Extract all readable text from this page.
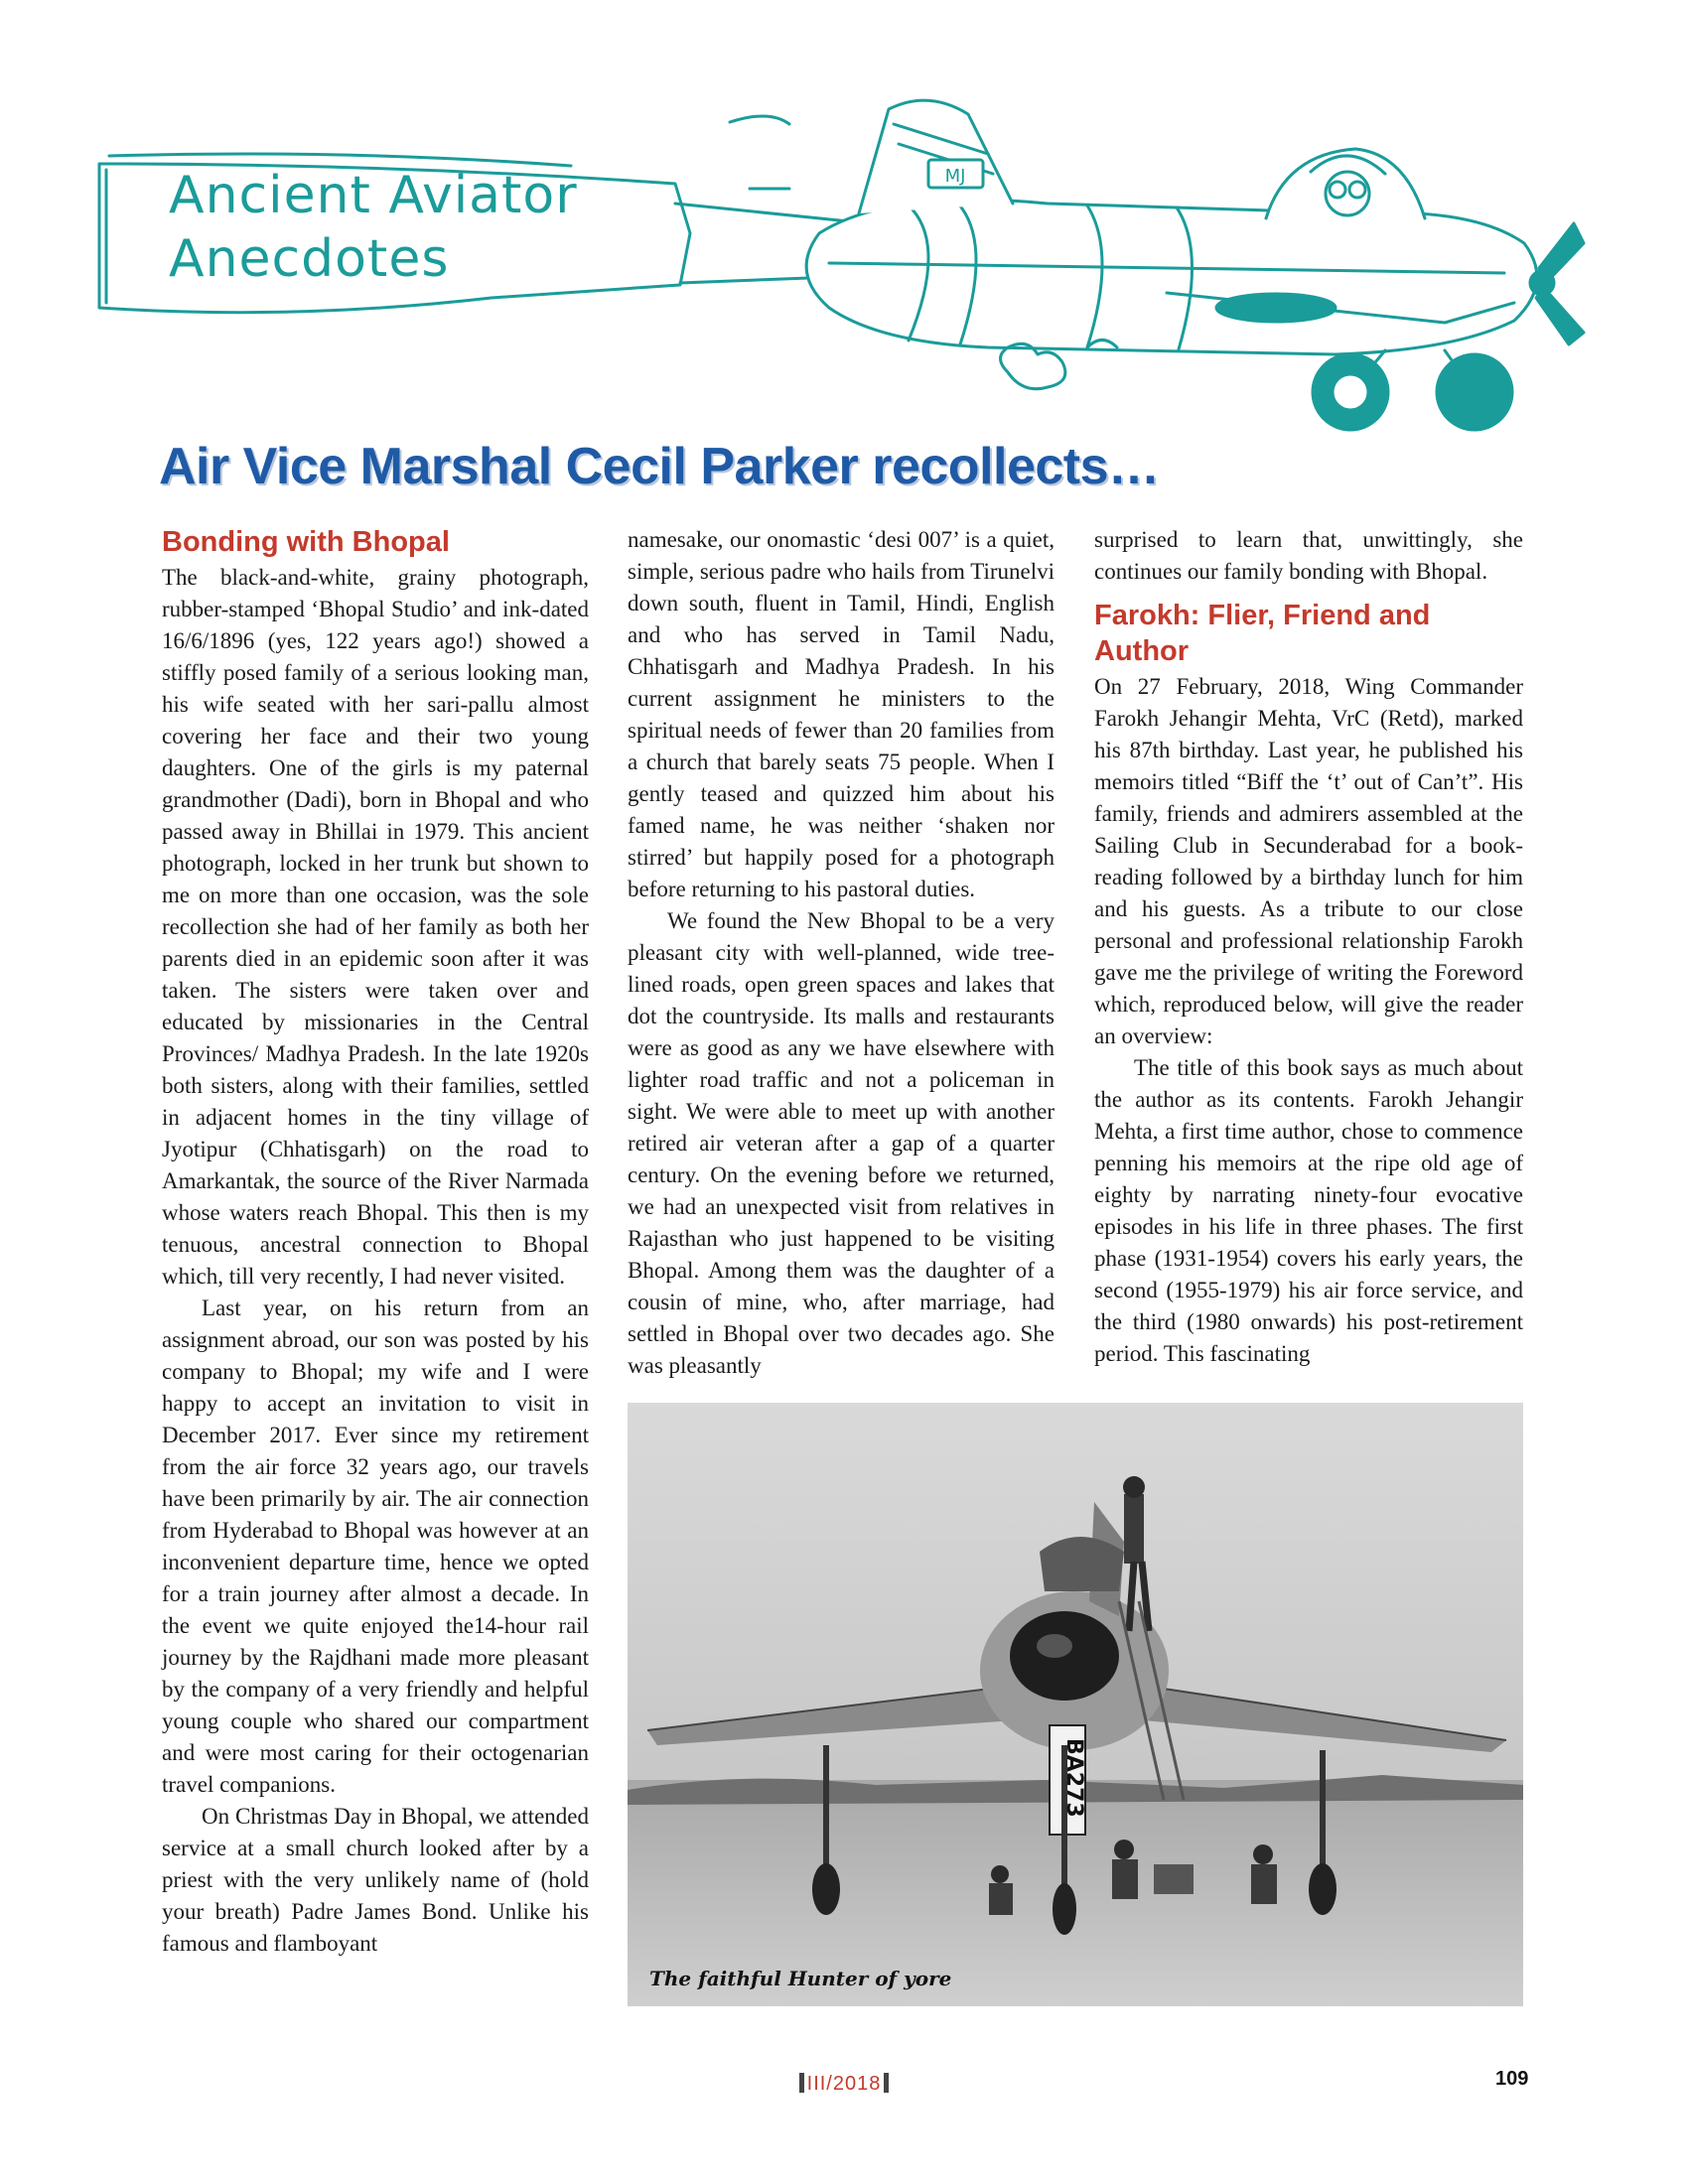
MJ
Ancient Aviator
Anecdotes
Air Vice Marshal Cecil Parker recollects…
Bonding with Bhopal

The black-and-white, grainy photograph, rubber-stamped ‘Bhopal Studio’ and ink-dated 16/6/1896 (yes, 122 years ago!) showed a stiffly posed family of a serious looking man, his wife seated with her sari-pallu almost covering her face and their two young daughters. One of the girls is my paternal grandmother (Dadi), born in Bhopal and who passed away in Bhillai in 1979. This ancient photograph, locked in her trunk but shown to me on more than one occasion, was the sole recollection she had of her family as both her parents died in an epidemic soon after it was taken. The sisters were taken over and educated by missionaries in the Central Provinces/ Madhya Pradesh. In the late 1920s both sisters, along with their families, settled in adjacent homes in the tiny village of Jyotipur (Chhatisgarh) on the road to Amarkantak, the source of the River Narmada whose waters reach Bhopal. This then is my tenuous, ancestral connection to Bhopal which, till very recently, I had never visited.

Last year, on his return from an assignment abroad, our son was posted by his company to Bhopal; my wife and I were happy to accept an invitation to visit in December 2017. Ever since my retirement from the air force 32 years ago, our travels have been primarily by air. The air connection from Hyderabad to Bhopal was however at an inconvenient departure time, hence we opted for a train journey after almost a decade. In the event we quite enjoyed the14-hour rail journey by the Rajdhani made more pleasant by the company of a very friendly and helpful young couple who shared our compartment and were most caring for their octogenarian travel companions.

On Christmas Day in Bhopal, we attended service at a small church looked after by a priest with the very unlikely name of (hold your breath) Padre James Bond. Unlike his famous and flamboyant

namesake, our onomastic ‘desi 007’ is a quiet, simple, serious padre who hails from Tirunelvi down south, fluent in Tamil, Hindi, English and who has served in Tamil Nadu, Chhatisgarh and Madhya Pradesh. In his current assignment he ministers to the spiritual needs of fewer than 20 families from a church that barely seats 75 people. When I gently teased and quizzed him about his famed name, he was neither ‘shaken nor stirred’ but happily posed for a photograph before returning to his pastoral duties.

We found the New Bhopal to be a very pleasant city with well-planned, wide tree-lined roads, open green spaces and lakes that dot the countryside. Its malls and restaurants were as good as any we have elsewhere with lighter road traffic and not a policeman in sight. We were able to meet up with another retired air veteran after a gap of a quarter century. On the evening before we returned, we had an unexpected visit from relatives in Rajasthan who just happened to be visiting Bhopal. Among them was the daughter of a cousin of mine, who, after marriage, had settled in Bhopal over two decades ago. She was pleasantly

surprised to learn that, unwittingly, she continues our family bonding with Bhopal.

Farokh: Flier, Friend and Author

On 27 February, 2018, Wing Commander Farokh Jehangir Mehta, VrC (Retd), marked his 87th birthday. Last year, he published his memoirs titled “Biff the ‘t’ out of Can’t”. His family, friends and admirers assembled at the Sailing Club in Secunderabad for a book-reading followed by a birthday lunch for him and his guests. As a tribute to our close personal and professional relationship Farokh gave me the privilege of writing the Foreword which, reproduced below, will give the reader an overview:

The title of this book says as much about the author as its contents. Farokh Jehangir Mehta, a first time author, chose to commence penning his memoirs at the ripe old age of eighty by narrating ninety-four evocative episodes in his life in three phases. The first phase (1931-1954) covers his early years, the second (1955-1979) his air force service, and the third (1980 onwards) his post-retirement period. This fascinating

BA273
The faithful Hunter of yore
III/2018	109
